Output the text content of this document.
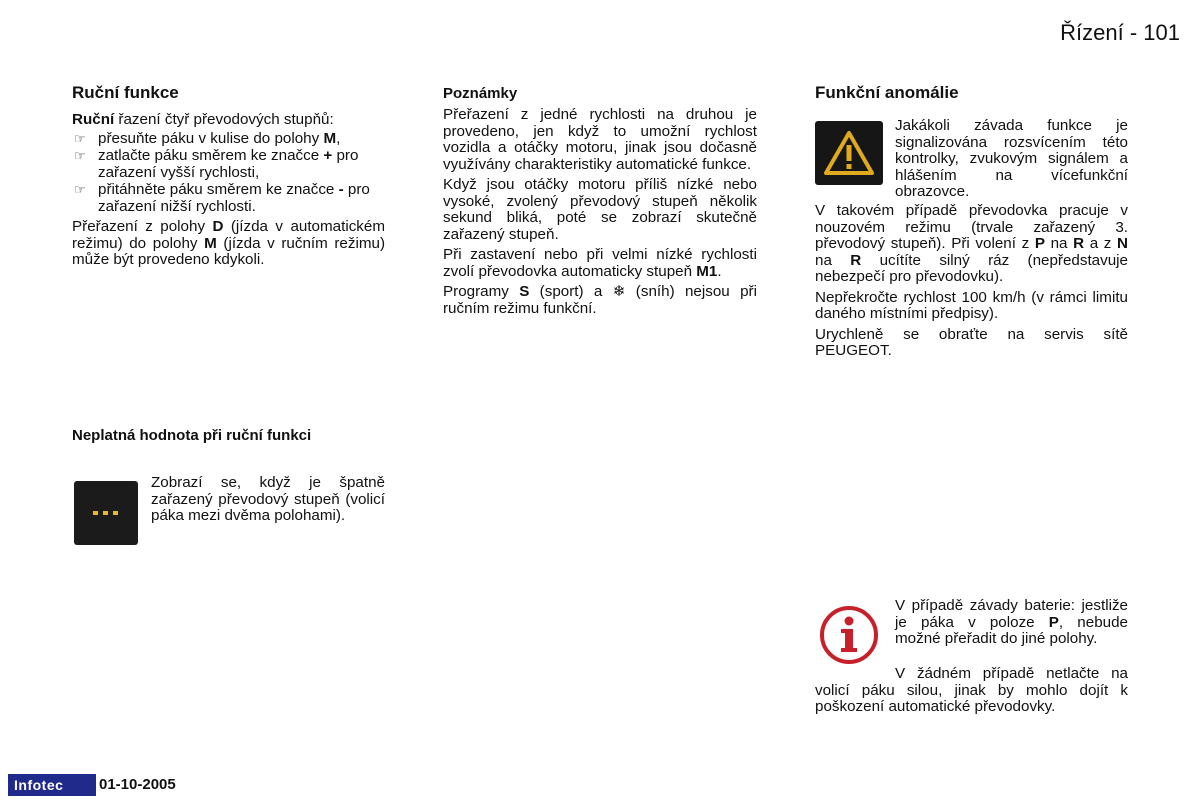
Řízení - 101
Ruční funkce

Ruční řazení čtyř převodových stupňů:

☞ přesuňte páku v kulise do polohy M,
☞ zatlačte páku směrem ke značce + pro zařazení vyšší rychlosti,
☞ přitáhněte páku směrem ke značce - pro zařazení nižší rychlosti.

Přeřazení z polohy D (jízda v automatickém režimu) do polohy M (jízda v ručním režimu) může být provedeno kdykoli.

Neplatná hodnota při ruční funkci

Zobrazí se, když je špatně zařazený převodový stupeň (volicí páka mezi dvěma polohami).

Poznámky

Přeřazení z jedné rychlosti na druhou je provedeno, jen když to umožní rychlost vozidla a otáčky motoru, jinak jsou dočasně využívány charakteristiky automatické funkce.

Když jsou otáčky motoru příliš nízké nebo vysoké, zvolený převodový stupeň několik sekund bliká, poté se zobrazí skutečně zařazený stupeň.

Při zastavení nebo při velmi nízké rychlosti zvolí převodovka automaticky stupeň M1.

Programy S (sport) a ❄ (sníh) nejsou při ručním režimu funkční.

Funkční anomálie

Jakákoli závada funkce je signalizována rozsvícením této kontrolky, zvukovým signálem a hlášením na vícefunkční obrazovce.

V takovém případě převodovka pracuje v nouzovém režimu (trvale zařazený 3. převodový stupeň). Při volení z P na R a z N na R ucítíte silný ráz (nepředstavuje nebezpečí pro převodovku).

Nepřekročte rychlost 100 km/h (v rámci limitu daného místními předpisy).

Urychleně se obraťte na servis sítě PEUGEOT.

V případě závady baterie: jestliže je páka v poloze P, nebude možné přeřadit do jiné polohy.

V žádném případě netlačte na volicí páku silou, jinak by mohlo dojít k poškození automatické převodovky.

Infotec	01-10-2005
